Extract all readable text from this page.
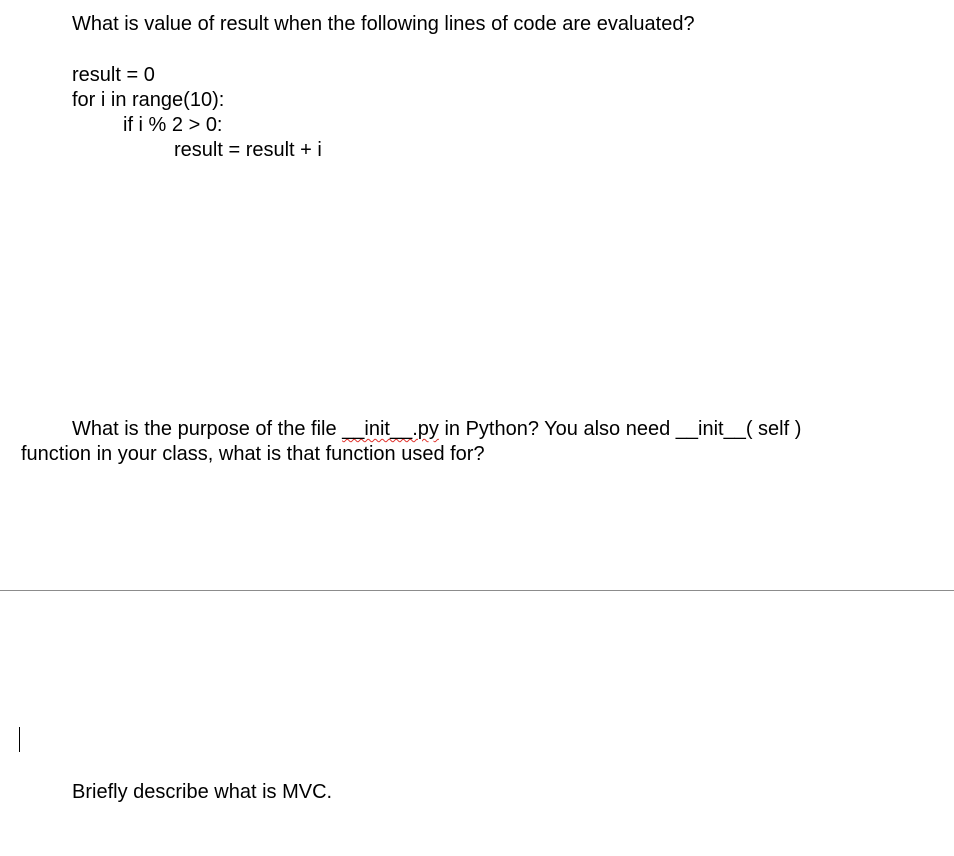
What is value of result when the following lines of code are evaluated?
result = 0
for i in range(10):
if i % 2 > 0:
result = result + i
What is the purpose of the file __init__.py in Python? You also need __init__( self )
function in your class, what is that function used for?
Briefly describe what is MVC.
